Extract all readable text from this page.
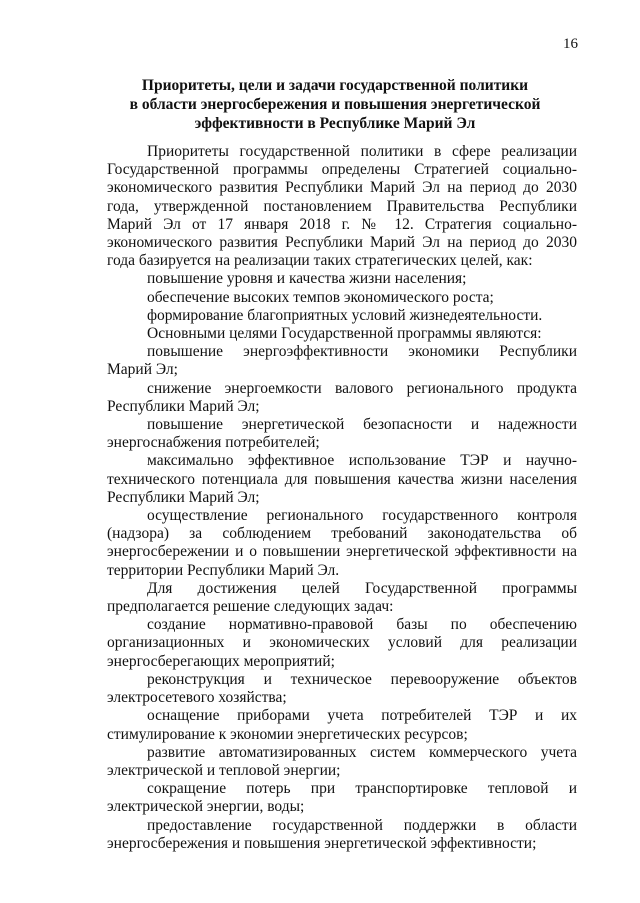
16
Приоритеты, цели и задачи государственной политики
в области энергосбережения и повышения энергетической
эффективности в Республике Марий Эл

Приоритеты государственной политики в сфере реализации Государственной программы определены Стратегией социально-экономического развития Республики Марий Эл на период до 2030 года, утвержденной постановлением Правительства Республики Марий Эл от 17 января 2018 г. № 12. Стратегия социально-экономического развития Республики Марий Эл на период до 2030 года базируется на реализации таких стратегических целей, как:

повышение уровня и качества жизни населения;

обеспечение высоких темпов экономического роста;

формирование благоприятных условий жизнедеятельности.

Основными целями Государственной программы являются:

повышение энергоэффективности экономики Республики Марий Эл;

снижение энергоемкости валового регионального продукта Республики Марий Эл;

повышение энергетической безопасности и надежности энергоснабжения потребителей;

максимально эффективное использование ТЭР и научно-технического потенциала для повышения качества жизни населения Республики Марий Эл;

осуществление регионального государственного контроля (надзора) за соблюдением требований законодательства об энергосбережении и о повышении энергетической эффективности на территории Республики Марий Эл.

Для достижения целей Государственной программы предполагается решение следующих задач:

создание нормативно-правовой базы по обеспечению организационных и экономических условий для реализации энергосберегающих мероприятий;

реконструкция и техническое перевооружение объектов электросетевого хозяйства;

оснащение приборами учета потребителей ТЭР и их стимулирование к экономии энергетических ресурсов;

развитие автоматизированных систем коммерческого учета электрической и тепловой энергии;

сокращение потерь при транспортировке тепловой и электрической энергии, воды;

предоставление государственной поддержки в области энергосбережения и повышения энергетической эффективности;
